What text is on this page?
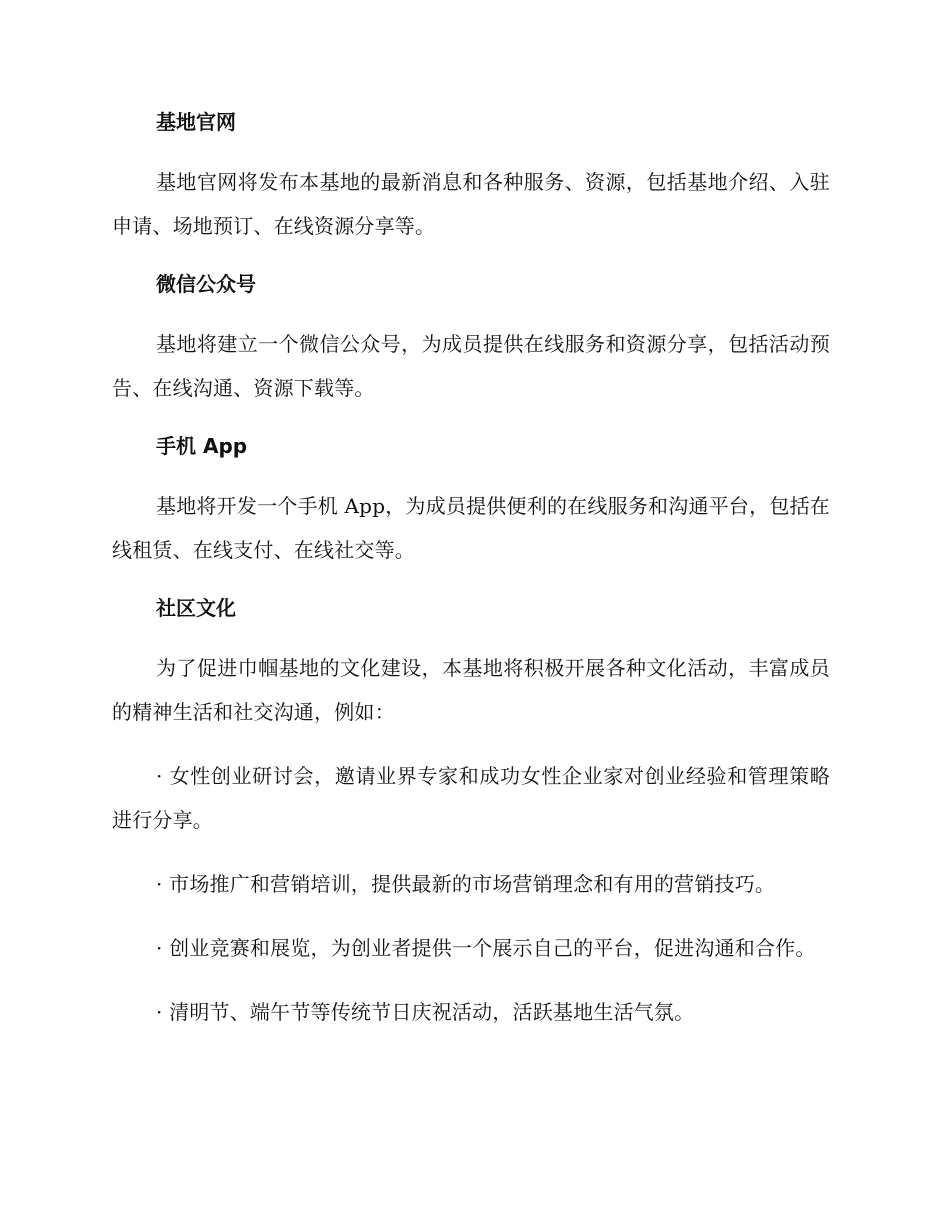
基地官网

基地官网将发布本基地的最新消息和各种服务、资源，包括基地介绍、入驻申请、场地预订、在线资源分享等。

微信公众号

基地将建立一个微信公众号，为成员提供在线服务和资源分享，包括活动预告、在线沟通、资源下载等。

手机 App

基地将开发一个手机 App，为成员提供便利的在线服务和沟通平台，包括在线租赁、在线支付、在线社交等。

社区文化

为了促进巾帼基地的文化建设，本基地将积极开展各种文化活动，丰富成员的精神生活和社交沟通，例如：

· 女性创业研讨会，邀请业界专家和成功女性企业家对创业经验和管理策略进行分享。

· 市场推广和营销培训，提供最新的市场营销理念和有用的营销技巧。

· 创业竞赛和展览，为创业者提供一个展示自己的平台，促进沟通和合作。

· 清明节、端午节等传统节日庆祝活动，活跃基地生活气氛。
